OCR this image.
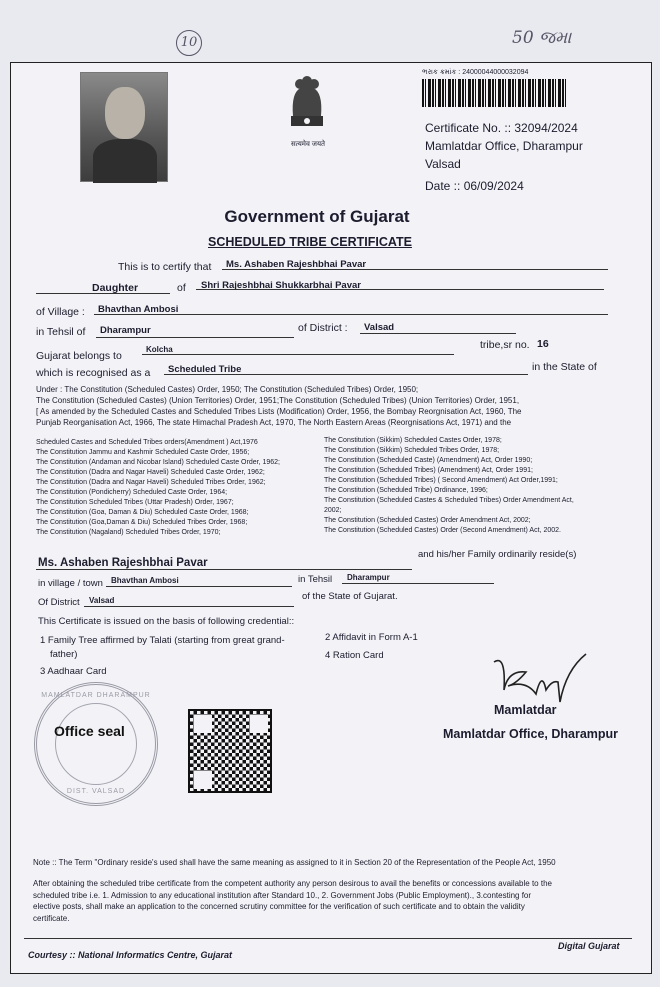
10	50 જમા
सत्यमेव जयते
ભરાક ક્રમાંક : 24000044000032094
Certificate No. :: 32094/2024
Mamlatdar Office, Dharampur
Valsad
Date :: 06/09/2024
Government of Gujarat
SCHEDULED TRIBE CERTIFICATE
This is to certify that Ms. Ashaben Rajeshbhai Pavar
Daughter	of Shri Rajeshbhai Shukkarbhai Pavar
of Village : Bhavthan Ambosi
in Tehsil of Dharampur	of District : Valsad
Gujarat belongs to
Kolcha	tribe,sr no. 16
which is recognised as a Scheduled Tribe	in the State of
Under : The Constitution (Scheduled Castes) Order, 1950; The Constitution (Scheduled Tribes) Order, 1950;
The Constitution (Scheduled Castes) (Union Territories) Order, 1951;The Constitution (Scheduled Tribes) (Union Territories) Order, 1951,
[ As amended by the Scheduled Castes and Scheduled Tribes Lists (Modification) Order, 1956, the Bombay Reorgnisation Act, 1960, The
Punjab Reorganisation Act, 1966, The state Himachal Pradesh Act, 1970, The North Eastern Areas (Reorgnisations Act, 1971) and the
Scheduled Castes and Scheduled Tribes orders(Amendment ) Act,1976
The Constitution Jammu and Kashmir Scheduled Caste Order, 1956;
The Constitution (Andaman and Nicobar Island) Scheduled Caste Order, 1962;
The Constitution (Dadra and Nagar Haveli) Scheduled Caste Order, 1962;
The Constitution (Dadra and Nagar Haveli) Scheduled Tribes Order, 1962;
The Constitution (Pondicherry) Scheduled Caste Order, 1964;
The Constitution Scheduled Tribes (Uttar Pradesh) Order, 1967;
The Constitution (Goa, Daman & Diu) Scheduled Caste Order, 1968;
The Constitution (Goa,Daman & Diu) Scheduled Tribes Order, 1968;
The Constitution (Nagaland) Scheduled Tribes Order, 1970;
The Constitution (Sikkim) Scheduled Castes Order, 1978;
The Constitution (Sikkim) Scheduled Tribes Order, 1978;
The Constitution (Scheduled Caste) (Amendment) Act, Order 1990;
The Constitution (Scheduled Tribes) (Amendment) Act, Order 1991;
The Constitution (Scheduled Tribes) ( Second Amendment) Act Order,1991;
The Constitution (Scheduled Tribe) Ordinance, 1996;
The Constitution (Scheduled Castes & Scheduled Tribes) Order Amendment Act,
2002;
The Constitution (Scheduled Castes) Order Amendment Act, 2002;
The Constitution (Scheduled Castes) Order (Second Amendment) Act, 2002.
Ms. Ashaben Rajeshbhai Pavar
and his/her Family ordinarily reside(s)
in village / town Bhavthan Ambosi	in Tehsil Dharampur
Of District Valsad	of the State of Gujarat.
This Certificate is issued on the basis of following credential::
1 Family Tree affirmed by Talati (starting from great grand-
father)
2 Affidavit in Form A-1
3 Aadhaar Card
4 Ration Card
MAMLATDAR DHARAMPUR
DIST. VALSAD
Office seal
Mamlatdar
Mamlatdar Office, Dharampur
Note :: The Term "Ordinary reside's used shall have the same meaning as assigned to it in Section 20 of the Representation of the People Act, 1950
After obtaining the scheduled tribe certificate from the competent authority any person desirous to avail the benefits or concessions available to the
scheduled tribe i.e. 1. Admission to any educational institution after Standard 10., 2. Government Jobs (Public Employment)., 3.contesting for
elective posts, shall make an application to the concerned scrutiny committee for the verification of such certificate and to obtain the validity
certificate.
Courtesy :: National Informatics Centre, Gujarat
Digital Gujarat
